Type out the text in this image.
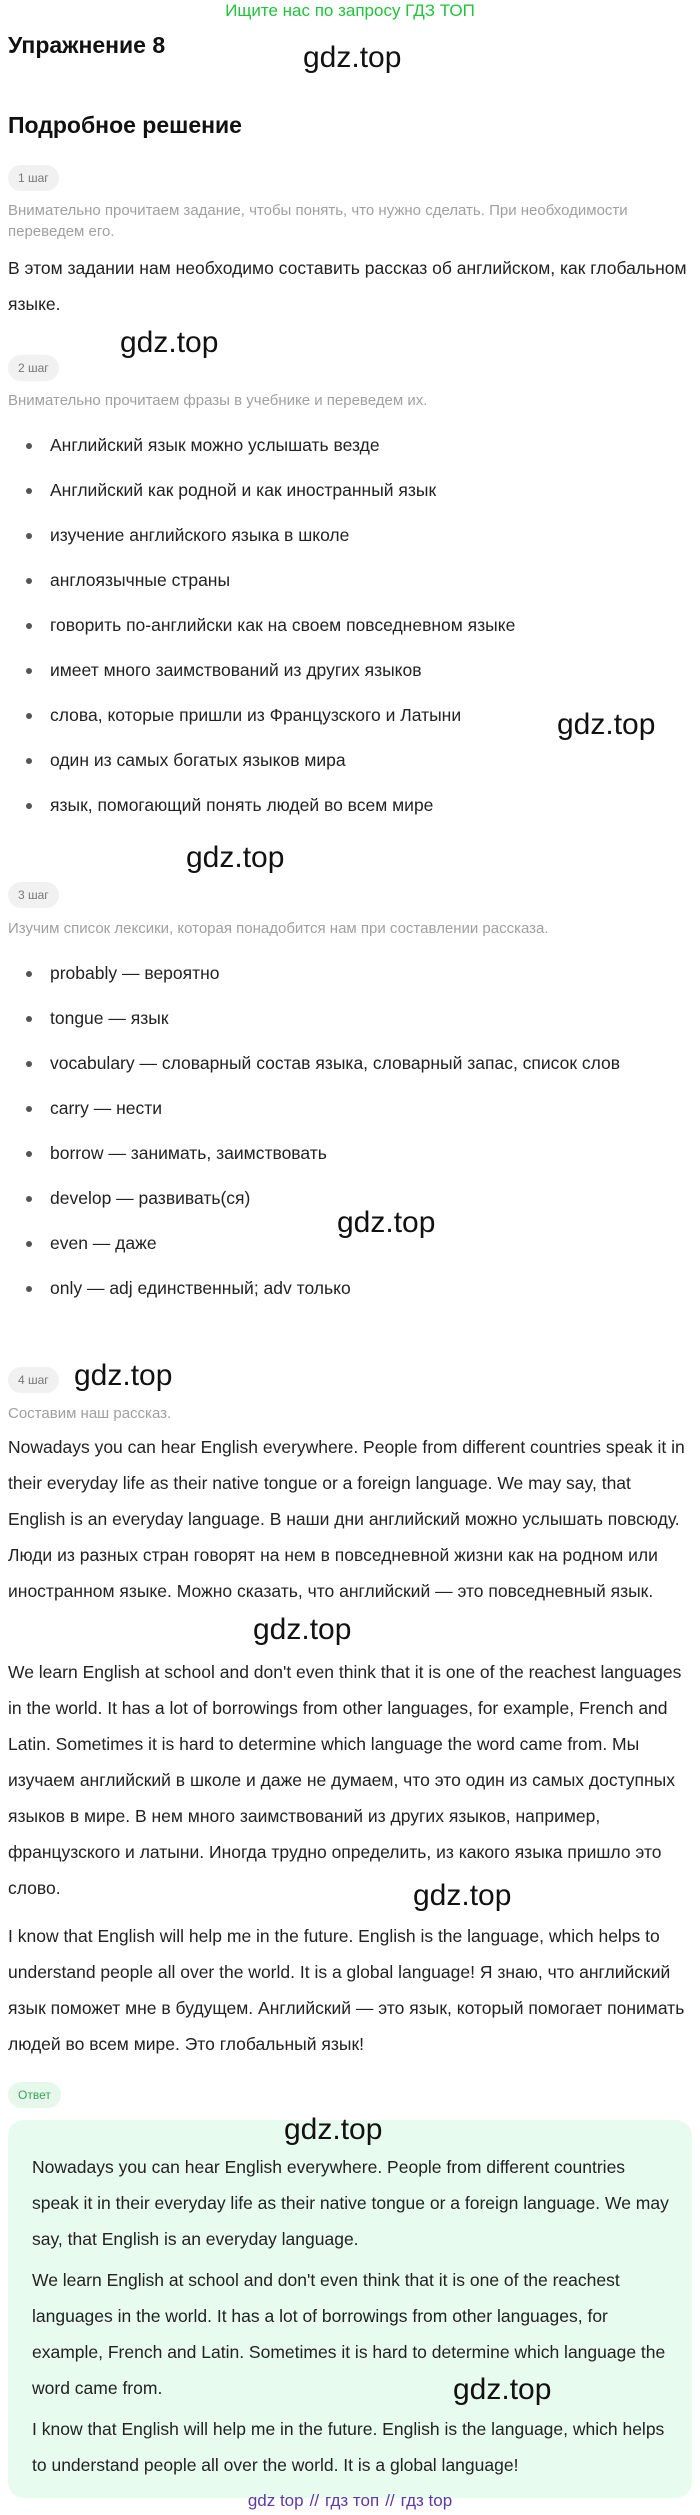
Ищите нас по запросу ГДЗ ТОП
Упражнение 8	gdz.top
Подробное решение
1 шаг

Внимательно прочитаем задание, чтобы понять, что нужно сделать. При необходимости переведем его.

В этом задании нам необходимо составить рассказ об английском, как глобальном языке.

gdz.top
2 шаг

Внимательно прочитаем фразы в учебнике и переведем их.

Английский язык можно услышать везде
Английский как родной и как иностранный язык
изучение английского языка в школе
англоязычные страны
говорить по-английски как на своем повседневном языке
имеет много заимствований из других языков
слова, которые пришли из Французского и Латыни
один из самых богатых языков мира
язык, помогающий понять людей во всем мире
gdz.top
gdz.top
3 шаг

Изучим список лексики, которая понадобится нам при составлении рассказа.

probably — вероятно
tongue — язык
vocabulary — словарный состав языка, словарный запас, список слов
carry — нести
borrow — занимать, заимствовать
develop — развивать(ся)
even — даже
only — adj единственный; adv только
gdz.top
4 шаг gdz.top

Составим наш рассказ.

Nowadays you can hear English everywhere. People from different countries speak it in their everyday life as their native tongue or a foreign language. We may say, that English is an everyday language. В наши дни английский можно услышать повсюду. Люди из разных стран говорят на нем в повседневной жизни как на родном или иностранном языке. Можно сказать, что английский — это повседневный язык.

gdz.top

We learn English at school and don't even think that it is one of the reachest languages in the world. It has a lot of borrowings from other languages, for example, French and Latin. Sometimes it is hard to determine which language the word came from. Мы изучаем английский в школе и даже не думаем, что это один из самых доступных языков в мире. В нем много заимствований из других языков, например, французского и латыни. Иногда трудно определить, из какого языка пришло это слово.	gdz.top

I know that English will help me in the future. English is the language, which helps to understand people all over the world. It is a global language! Я знаю, что английский язык поможет мне в будущем. Английский — это язык, который помогает понимать людей во всем мире. Это глобальный язык!

Ответ
gdz.top

Nowadays you can hear English everywhere. People from different countries speak it in their everyday life as their native tongue or a foreign language. We may say, that English is an everyday language.

We learn English at school and don't even think that it is one of the reachest languages in the world. It has a lot of borrowings from other languages, for example, French and Latin. Sometimes it is hard to determine which language the word came from.	gdz.top

I know that English will help me in the future. English is the language, which helps to understand people all over the world. It is a global language!

gdz top // гдз топ // гдз top
